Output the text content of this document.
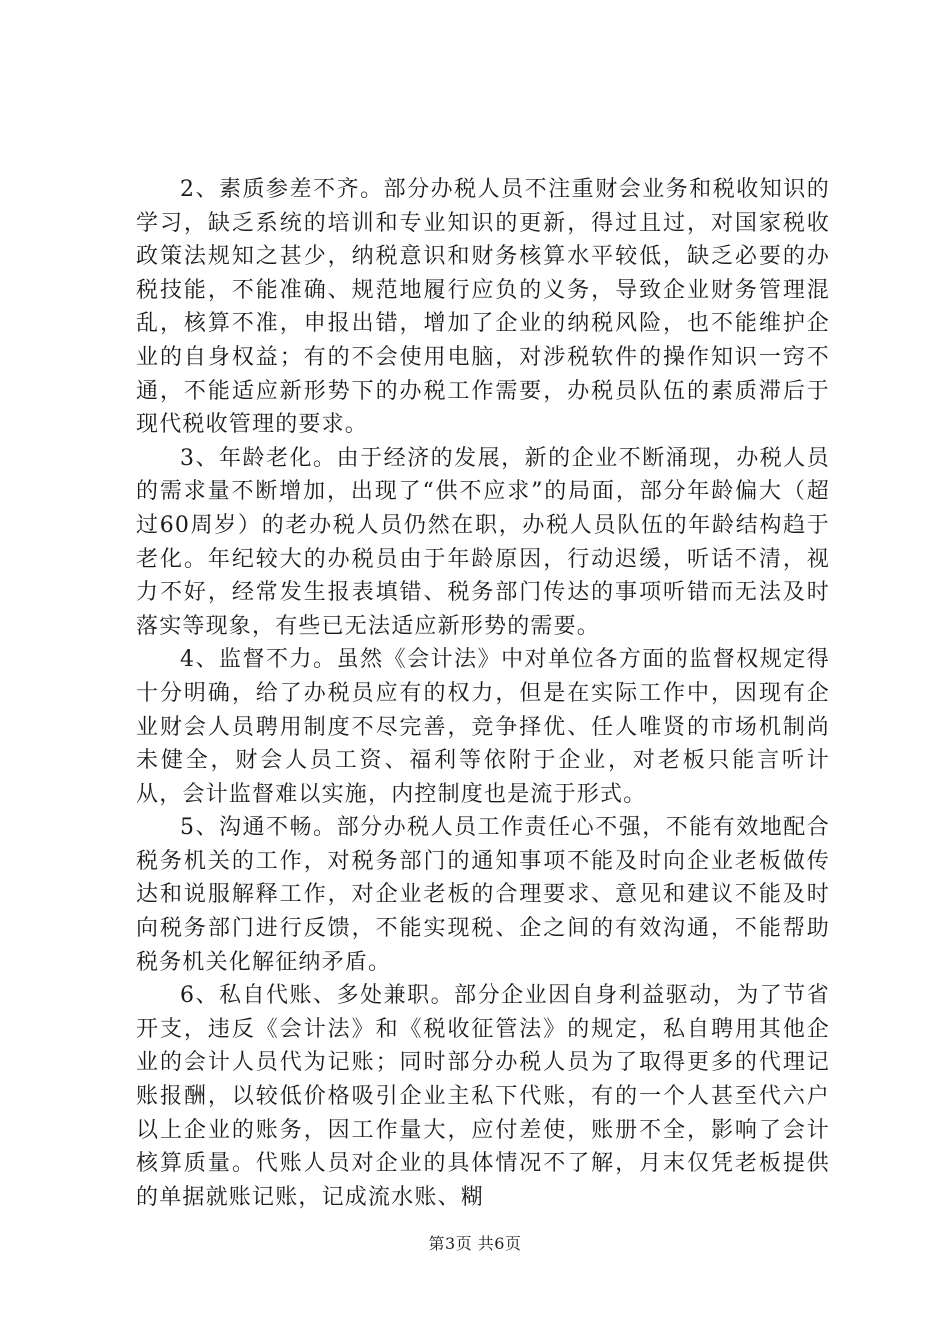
2、素质参差不齐。部分办税人员不注重财会业务和税收知识的学习，缺乏系统的培训和专业知识的更新，得过且过，对国家税收政策法规知之甚少，纳税意识和财务核算水平较低，缺乏必要的办税技能，不能准确、规范地履行应负的义务，导致企业财务管理混乱，核算不准，申报出错，增加了企业的纳税风险，也不能维护企业的自身权益；有的不会使用电脑，对涉税软件的操作知识一窍不通，不能适应新形势下的办税工作需要，办税员队伍的素质滞后于现代税收管理的要求。

3、年龄老化。由于经济的发展，新的企业不断涌现，办税人员的需求量不断增加，出现了“供不应求”的局面，部分年龄偏大（超过60周岁）的老办税人员仍然在职，办税人员队伍的年龄结构趋于老化。年纪较大的办税员由于年龄原因，行动迟缓，听话不清，视力不好，经常发生报表填错、税务部门传达的事项听错而无法及时落实等现象，有些已无法适应新形势的需要。

4、监督不力。虽然《会计法》中对单位各方面的监督权规定得十分明确，给了办税员应有的权力，但是在实际工作中，因现有企业财会人员聘用制度不尽完善，竞争择优、任人唯贤的市场机制尚未健全，财会人员工资、福利等依附于企业，对老板只能言听计从，会计监督难以实施，内控制度也是流于形式。

5、沟通不畅。部分办税人员工作责任心不强，不能有效地配合税务机关的工作，对税务部门的通知事项不能及时向企业老板做传达和说服解释工作，对企业老板的合理要求、意见和建议不能及时向税务部门进行反馈，不能实现税、企之间的有效沟通，不能帮助税务机关化解征纳矛盾。

6、私自代账、多处兼职。部分企业因自身利益驱动，为了节省开支，违反《会计法》和《税收征管法》的规定，私自聘用其他企业的会计人员代为记账；同时部分办税人员为了取得更多的代理记账报酬，以较低价格吸引企业主私下代账，有的一个人甚至代六户以上企业的账务，因工作量大，应付差使，账册不全，影响了会计核算质量。代账人员对企业的具体情况不了解，月末仅凭老板提供的单据就账记账，记成流水账、糊

第3页 共6页
